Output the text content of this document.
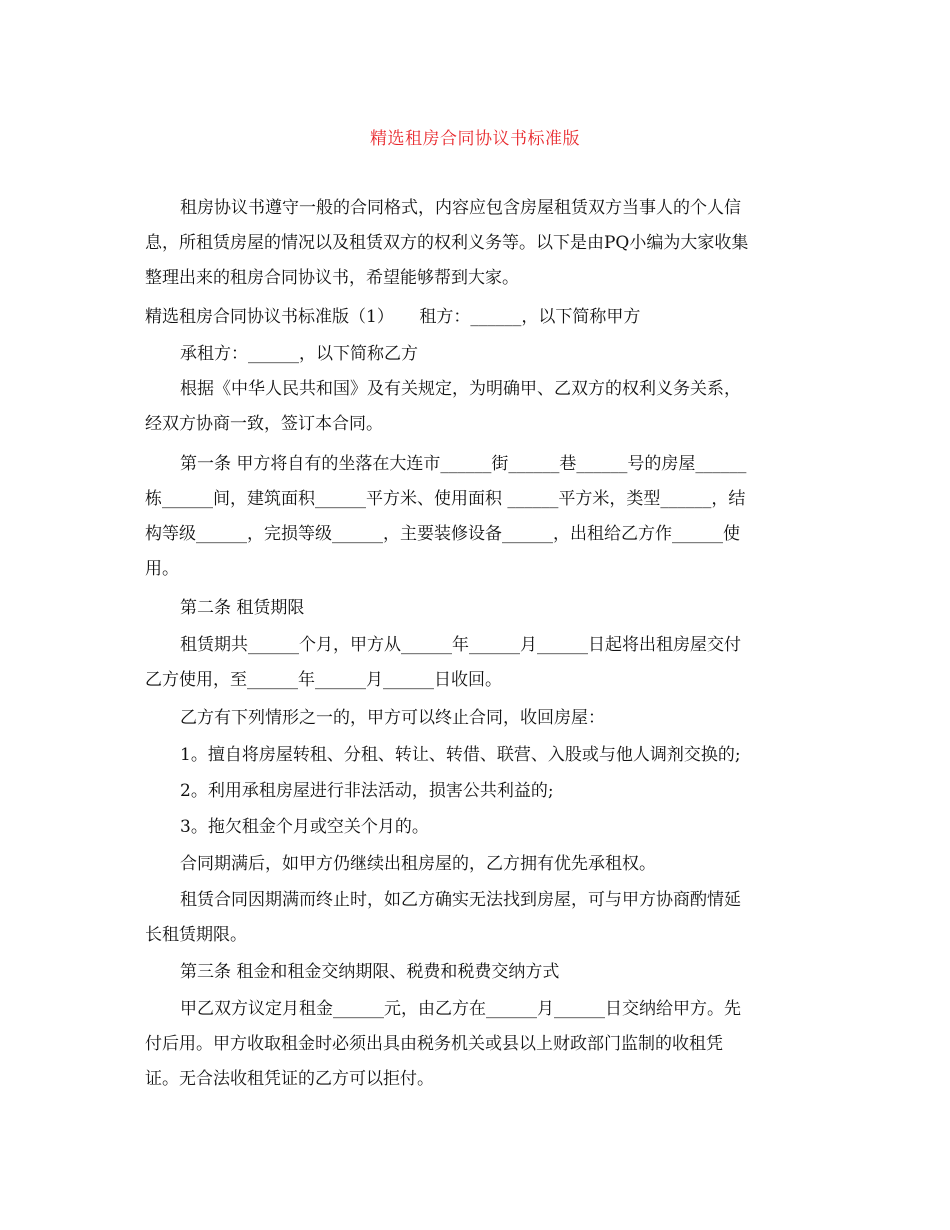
精选租房合同协议书标准版
租房协议书遵守一般的合同格式，内容应包含房屋租赁双方当事人的个人信
息，所租赁房屋的情况以及租赁双方的权利义务等。以下是由PQ小编为大家收集
整理出来的租房合同协议书，希望能够帮到大家。
精选租房合同协议书标准版（1）　　租方：______，以下简称甲方
承租方：______，以下简称乙方
根据《中华人民共和国》及有关规定，为明确甲、乙双方的权利义务关系，
经双方协商一致，签订本合同。
第一条 甲方将自有的坐落在大连市______街______巷______号的房屋______
栋______间，建筑面积______平方米、使用面积 ______平方米，类型______，结
构等级______，完损等级______，主要装修设备______，出租给乙方作______使
用。
第二条 租赁期限
租赁期共______个月，甲方从______年______月______日起将出租房屋交付
乙方使用，至______年______月______日收回。
乙方有下列情形之一的，甲方可以终止合同，收回房屋：
1。擅自将房屋转租、分租、转让、转借、联营、入股或与他人调剂交换的;
2。利用承租房屋进行非法活动，损害公共利益的;
3。拖欠租金个月或空关个月的。
合同期满后，如甲方仍继续出租房屋的，乙方拥有优先承租权。
租赁合同因期满而终止时，如乙方确实无法找到房屋，可与甲方协商酌情延
长租赁期限。
第三条 租金和租金交纳期限、税费和税费交纳方式
甲乙双方议定月租金______元，由乙方在______月______日交纳给甲方。先
付后用。甲方收取租金时必须出具由税务机关或县以上财政部门监制的收租凭
证。无合法收租凭证的乙方可以拒付。
